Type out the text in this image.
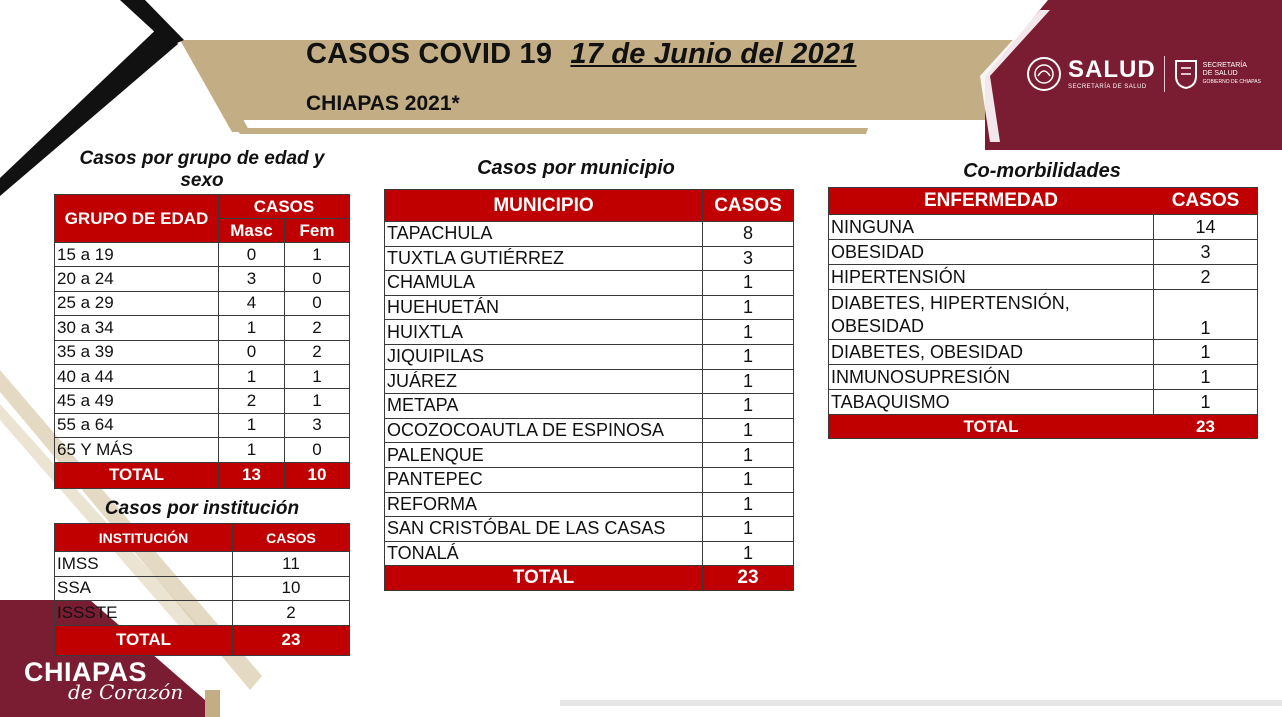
CASOS COVID 19 17 de Junio del 2021
CHIAPAS 2021*
SALUD
SECRETARÍA DE SALUD
SECRETARÍA
DE SALUD
GOBIERNO DE CHIAPAS
Casos por grupo de edad y
sexo
GRUPO DE EDAD	CASOS	
	Masc	Fem
15 a 19	0	1
20 a 24	3	0
25 a 29	4	0
30 a 34	1	2
35 a 39	0	2
40 a 44	1	1
45 a 49	2	1
55 a 64	1	3
65 Y MÁS	1	0
TOTAL	13	10
Casos por institución
INSTITUCIÓN	CASOS
IMSS	11
SSA	10
ISSSTE	2
TOTAL	23
Casos por municipio
MUNICIPIO	CASOS
TAPACHULA	8
TUXTLA GUTIÉRREZ	3
CHAMULA	1
HUEHUETÁN	1
HUIXTLA	1
JIQUIPILAS	1
JUÁREZ	1
METAPA	1
OCOZOCOAUTLA DE ESPINOSA	1
PALENQUE	1
PANTEPEC	1
REFORMA	1
SAN CRISTÓBAL DE LAS CASAS	1
TONALÁ	1
TOTAL	23
Co-morbilidades
ENFERMEDAD	CASOS

NINGUNA	14

OBESIDAD	3

HIPERTENSIÓN	2

DIABETES, HIPERTENSIÓN,
OBESIDAD	1

DIABETES, OBESIDAD	1

INMUNOSUPRESIÓN	1

TABAQUISMO	1
TOTAL	23
CHIAPAS
de Corazón
